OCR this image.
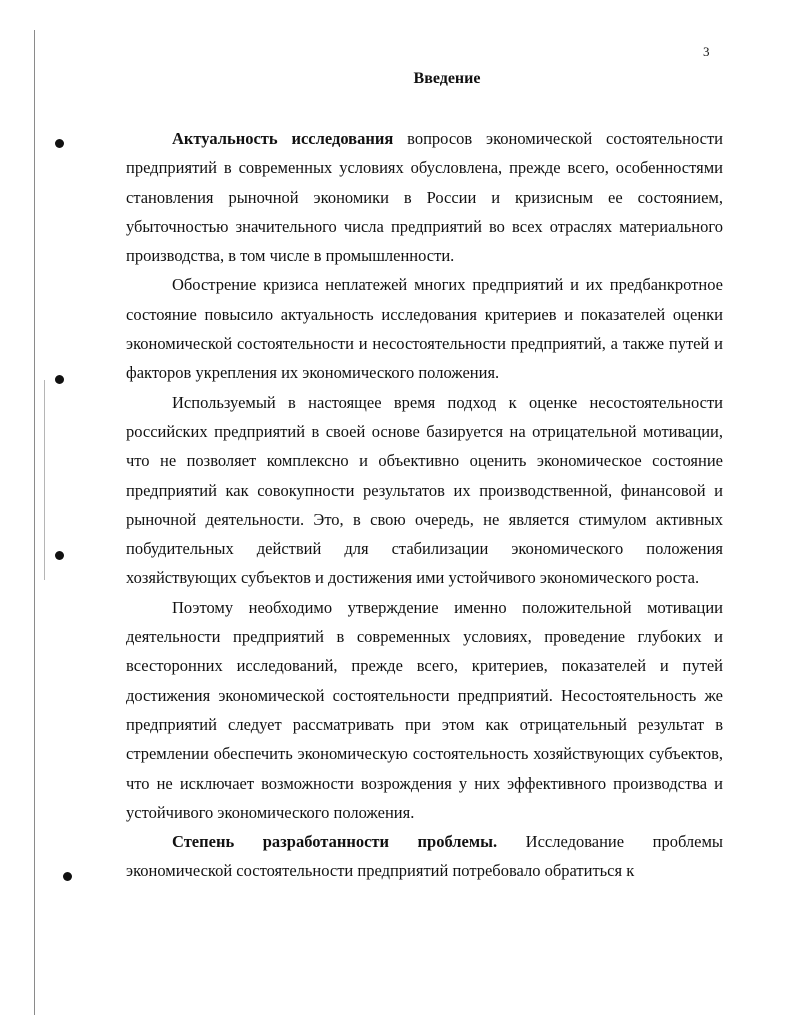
3
Введение

Актуальность исследования вопросов экономической состоятельности предприятий в современных условиях обусловлена, прежде всего, особенностями становления рыночной экономики в России и кризисным ее состоянием, убыточностью значительного числа предприятий во всех отраслях материального производства, в том числе в промышленности.

Обострение кризиса неплатежей многих предприятий и их предбанкротное состояние повысило актуальность исследования критериев и показателей оценки экономической состоятельности и несостоятельности предприятий, а также путей и факторов укрепления их экономического положения.

Используемый в настоящее время подход к оценке несостоятельности российских предприятий в своей основе базируется на отрицательной мотивации, что не позволяет комплексно и объективно оценить экономическое состояние предприятий как совокупности результатов их производственной, финансовой и рыночной деятельности. Это, в свою очередь, не является стимулом активных побудительных действий для стабилизации экономического положения хозяйствующих субъектов и достижения ими устойчивого экономического роста.

Поэтому необходимо утверждение именно положительной мотивации деятельности предприятий в современных условиях, проведение глубоких и всесторонних исследований, прежде всего, критериев, показателей и путей достижения экономической состоятельности предприятий. Несостоятельность же предприятий следует рассматривать при этом как отрицательный результат в стремлении обеспечить экономическую состоятельность хозяйствующих субъектов, что не исключает возможности возрождения у них эффективного производства и устойчивого экономического положения.

Степень разработанности проблемы. Исследование проблемы экономической состоятельности предприятий потребовало обратиться к
